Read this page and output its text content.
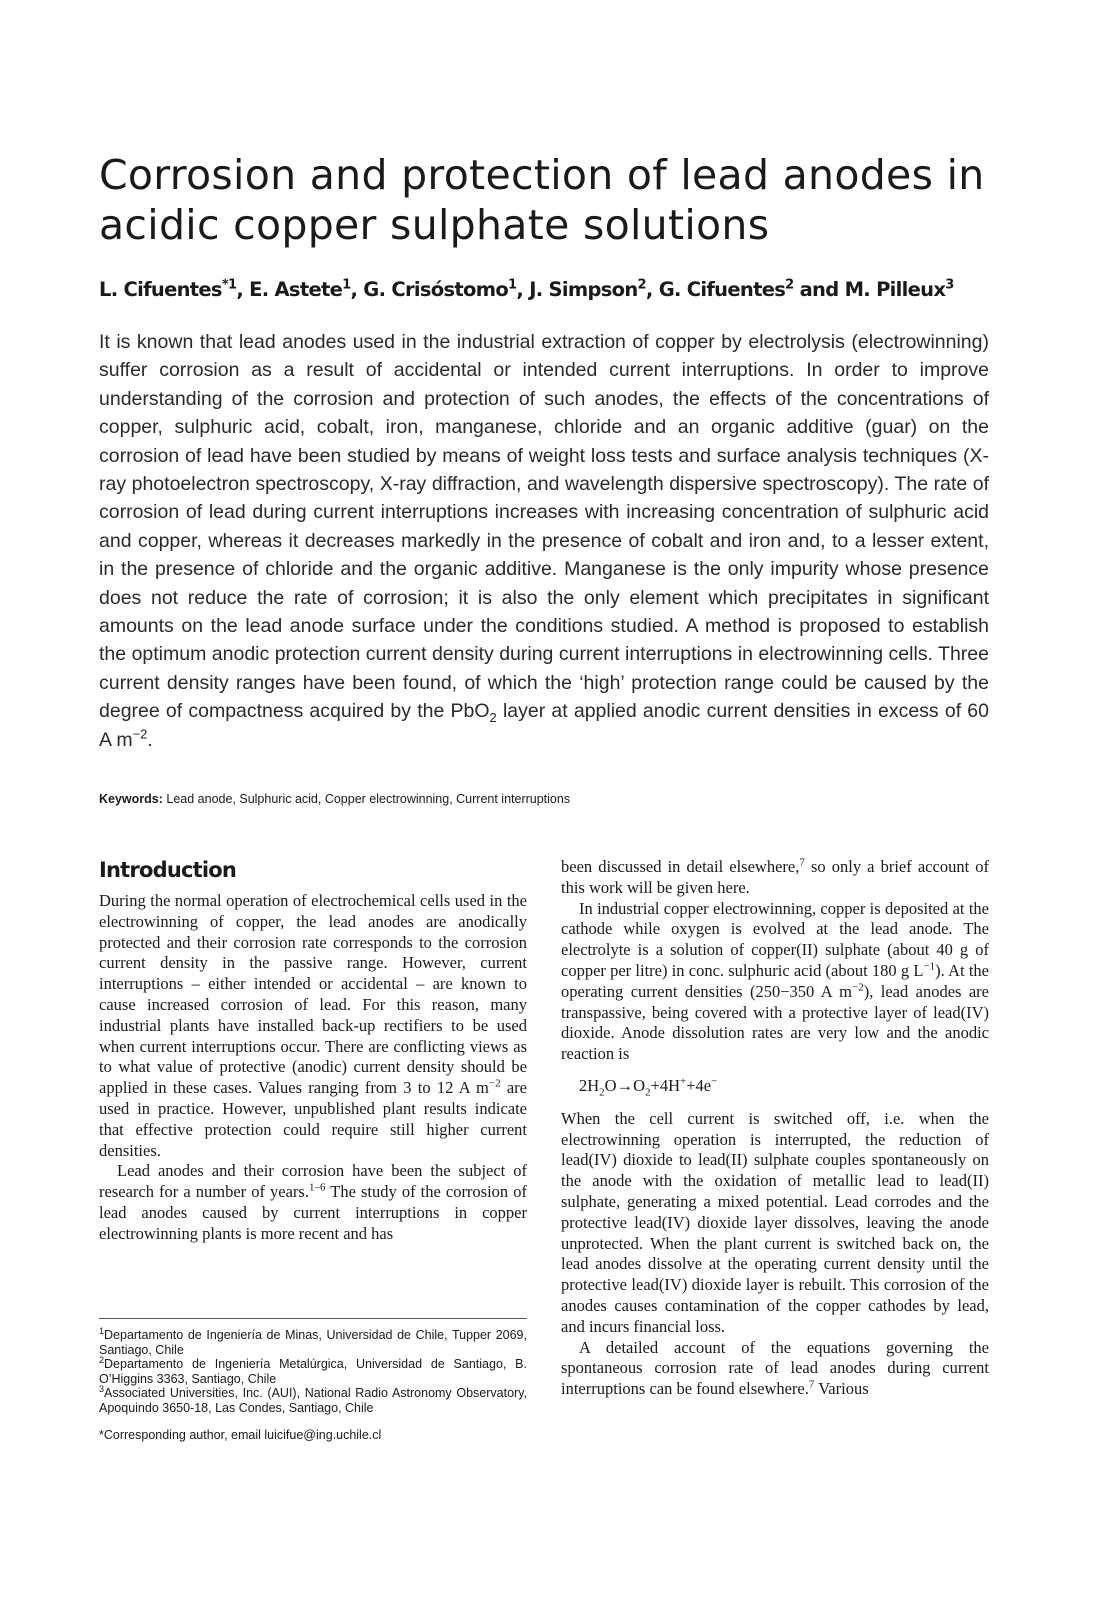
Corrosion and protection of lead anodes in acidic copper sulphate solutions

L. Cifuentes$^{*1}$, E. Astete$^1$, G. Crisóstomo$^1$, J. Simpson$^2$, G. Cifuentes$^2$ and M. Pilleux$^3$

It is known that lead anodes used in the industrial extraction of copper by electrolysis (electrowinning) suffer corrosion as a result of accidental or intended current interruptions. In order to improve understanding of the corrosion and protection of such anodes, the effects of the concentrations of copper, sulphuric acid, cobalt, iron, manganese, chloride and an organic additive (guar) on the corrosion of lead have been studied by means of weight loss tests and surface analysis techniques (X-ray photoelectron spectroscopy, X-ray diffraction, and wavelength dispersive spectroscopy). The rate of corrosion of lead during current interruptions increases with increasing concentration of sulphuric acid and copper, whereas it decreases markedly in the presence of cobalt and iron and, to a lesser extent, in the presence of chloride and the organic additive. Manganese is the only impurity whose presence does not reduce the rate of corrosion; it is also the only element which precipitates in significant amounts on the lead anode surface under the conditions studied. A method is proposed to establish the optimum anodic protection current density during current interruptions in electrowinning cells. Three current density ranges have been found, of which the ‘high’ protection range could be caused by the degree of compactness acquired by the PbO$_2$ layer at applied anodic current densities in excess of 60 A $m^{-2}$.

Keywords: Lead anode, Sulphuric acid, Copper electrowinning, Current interruptions

Introduction

During the normal operation of electrochemical cells used in the electrowinning of copper, the lead anodes are anodically protected and their corrosion rate corresponds to the corrosion current density in the passive range. However, current interruptions – either intended or accidental – are known to cause increased corrosion of lead. For this reason, many industrial plants have installed back-up rectifiers to be used when current interruptions occur. There are conflicting views as to what value of protective (anodic) current density should be applied in these cases. Values ranging from 3 to 12 A $m^{-2}$ are used in practice. However, unpublished plant results indicate that effective protection could require still higher current densities.

Lead anodes and their corrosion have been the subject of research for a number of years.$^{1-6}$ The study of the corrosion of lead anodes caused by current interruptions in copper electrowinning plants is more recent and has

been discussed in detail elsewhere,$^7$ so only a brief account of this work will be given here.

In industrial copper electrowinning, copper is deposited at the cathode while oxygen is evolved at the lead anode. The electrolyte is a solution of copper(II) sulphate (about 40 g of copper per litre) in conc. sulphuric acid (about 180 g $L^{-1}$). At the operating current densities (250−350 A $m^{-2}$), lead anodes are transpassive, being covered with a protective layer of lead(IV) dioxide. Anode dissolution rates are very low and the anodic reaction is

$2H_2O\to O_2+4H^++4e^-$

When the cell current is switched off, i.e. when the electrowinning operation is interrupted, the reduction of lead(IV) dioxide to lead(II) sulphate couples spontaneously on the anode with the oxidation of metallic lead to lead(II) sulphate, generating a mixed potential. Lead corrodes and the protective lead(IV) dioxide layer dissolves, leaving the anode unprotected. When the plant current is switched back on, the lead anodes dissolve at the operating current density until the protective lead(IV) dioxide layer is rebuilt. This corrosion of the anodes causes contamination of the copper cathodes by lead, and incurs financial loss.

A detailed account of the equations governing the spontaneous corrosion rate of lead anodes during current interruptions can be found elsewhere.$^7$ Various

$^1$Departamento de Ingeniería de Minas, Universidad de Chile, Tupper 2069, Santiago, Chile

$^2$Departamento de Ingeniería Metalúrgica, Universidad de Santiago, B. O’Higgins 3363, Santiago, Chile

$^3$Associated Universities, Inc. (AUI), National Radio Astronomy Observatory, Apoquindo 3650-18, Las Condes, Santiago, Chile

*Corresponding author, email luicifue@ing.uchile.cl
